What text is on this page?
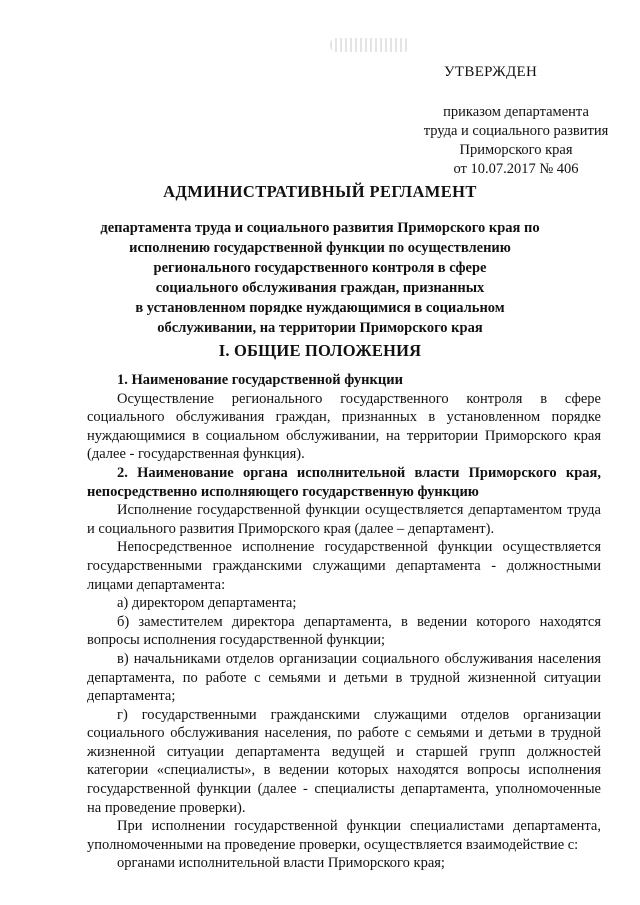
УТВЕРЖДЕН
приказом департамента
труда и социального развития
Приморского края
от 10.07.2017 № 406
АДМИНИСТРАТИВНЫЙ РЕГЛАМЕНТ
департамента труда и социального развития Приморского края по
исполнению государственной функции по осуществлению
регионального государственного контроля в сфере
социального обслуживания граждан, признанных
в установленном порядке нуждающимися в социальном
обслуживании, на территории Приморского края
I. ОБЩИЕ ПОЛОЖЕНИЯ

1. Наименование государственной функции

Осуществление регионального государственного контроля в сфере социального обслуживания граждан, признанных в установленном порядке нуждающимися в социальном обслуживании, на территории Приморского края (далее - государственная функция).

2. Наименование органа исполнительной власти Приморского края, непосредственно исполняющего государственную функцию

Исполнение государственной функции осуществляется департаментом труда и социального развития Приморского края (далее – департамент).

Непосредственное исполнение государственной функции осуществляется государственными гражданскими служащими департамента - должностными лицами департамента:

а) директором департамента;

б) заместителем директора департамента, в ведении которого находятся вопросы исполнения государственной функции;

в) начальниками отделов организации социального обслуживания населения департамента, по работе с семьями и детьми в трудной жизненной ситуации департамента;

г) государственными гражданскими служащими отделов организации социального обслуживания населения, по работе с семьями и детьми в трудной жизненной ситуации департамента ведущей и старшей групп должностей категории «специалисты», в ведении которых находятся вопросы исполнения государственной функции (далее - специалисты департамента, уполномоченные на проведение проверки).

При исполнении государственной функции специалистами департамента, уполномоченными на проведение проверки, осуществляется взаимодействие с:

органами исполнительной власти Приморского края;
